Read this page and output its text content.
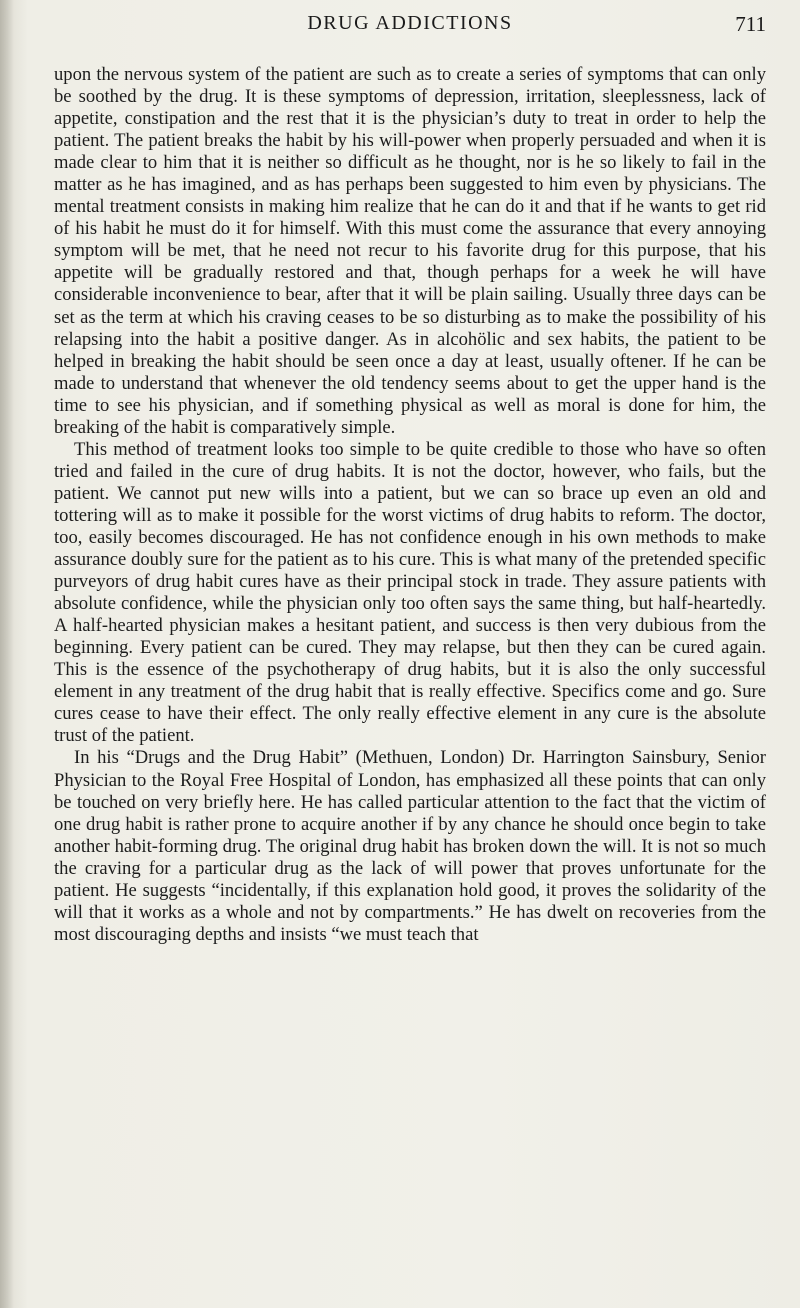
DRUG ADDICTIONS	711

upon the nervous system of the patient are such as to create a series of symptoms that can only be soothed by the drug. It is these symptoms of depression, irritation, sleeplessness, lack of appetite, constipation and the rest that it is the physician’s duty to treat in order to help the patient. The patient breaks the habit by his will-power when properly persuaded and when it is made clear to him that it is neither so difficult as he thought, nor is he so likely to fail in the matter as he has imagined, and as has perhaps been suggested to him even by physicians. The mental treatment consists in making him realize that he can do it and that if he wants to get rid of his habit he must do it for himself. With this must come the assurance that every annoying symptom will be met, that he need not recur to his favorite drug for this purpose, that his appetite will be gradually restored and that, though perhaps for a week he will have considerable inconvenience to bear, after that it will be plain sailing. Usually three days can be set as the term at which his craving ceases to be so disturbing as to make the possibility of his relapsing into the habit a positive danger. As in alcohölic and sex habits, the patient to be helped in breaking the habit should be seen once a day at least, usually oftener. If he can be made to understand that whenever the old tendency seems about to get the upper hand is the time to see his physician, and if something physical as well as moral is done for him, the breaking of the habit is comparatively simple.

This method of treatment looks too simple to be quite credible to those who have so often tried and failed in the cure of drug habits. It is not the doctor, however, who fails, but the patient. We cannot put new wills into a patient, but we can so brace up even an old and tottering will as to make it possible for the worst victims of drug habits to reform. The doctor, too, easily becomes discouraged. He has not confidence enough in his own methods to make assurance doubly sure for the patient as to his cure. This is what many of the pretended specific purveyors of drug habit cures have as their principal stock in trade. They assure patients with absolute confidence, while the physician only too often says the same thing, but half-heartedly. A half-hearted physician makes a hesitant patient, and success is then very dubious from the beginning. Every patient can be cured. They may relapse, but then they can be cured again. This is the essence of the psychotherapy of drug habits, but it is also the only successful element in any treatment of the drug habit that is really effective. Specifics come and go. Sure cures cease to have their effect. The only really effective element in any cure is the absolute trust of the patient.

In his “Drugs and the Drug Habit” (Methuen, London) Dr. Harrington Sainsbury, Senior Physician to the Royal Free Hospital of London, has emphasized all these points that can only be touched on very briefly here. He has called particular attention to the fact that the victim of one drug habit is rather prone to acquire another if by any chance he should once begin to take another habit-forming drug. The original drug habit has broken down the will. It is not so much the craving for a particular drug as the lack of will power that proves unfortunate for the patient. He suggests “incidentally, if this explanation hold good, it proves the solidarity of the will that it works as a whole and not by compartments.” He has dwelt on recoveries from the most discouraging depths and insists “we must teach that
